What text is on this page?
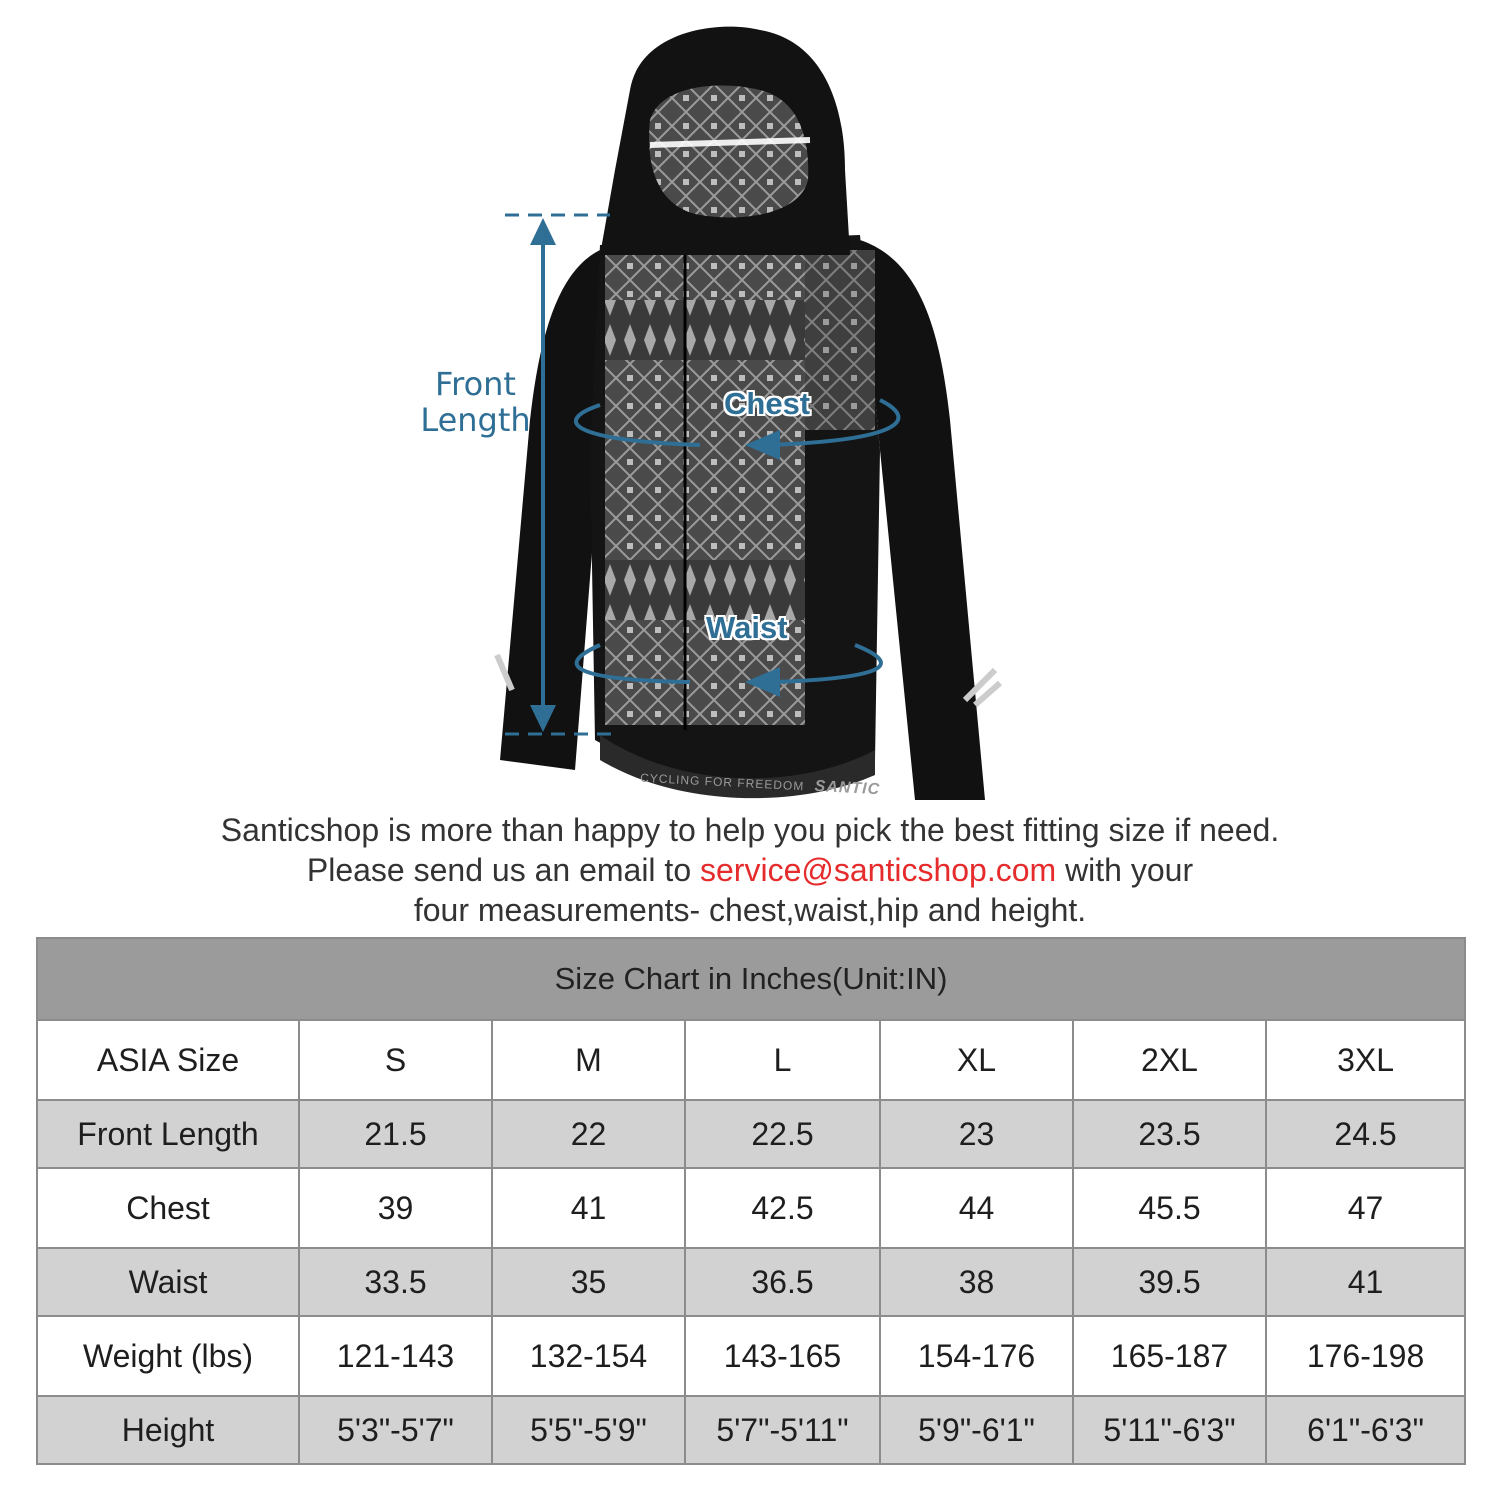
Front
Length	Chest
Waist
Santicshop is more than happy to help you pick the best fitting size if need.
Please send us an email to service@santicshop.com with your
four measurements- chest,waist,hip and height.
Size Chart in Inches(Unit:IN)						
ASIA Size	S	M	L	XL	2XL	3XL
Front Length	21.5	22	22.5	23	23.5	24.5
Chest	39	41	42.5	44	45.5	47
Waist	33.5	35	36.5	38	39.5	41
Weight (lbs)	121-143	132-154	143-165	154-176	165-187	176-198
Height	5'3"-5'7"	5'5"-5'9"	5'7"-5'11"	5'9"-6'1"	5'11"-6'3"	6'1"-6'3"
CYCLING FOR FREEDOM SANTIC
